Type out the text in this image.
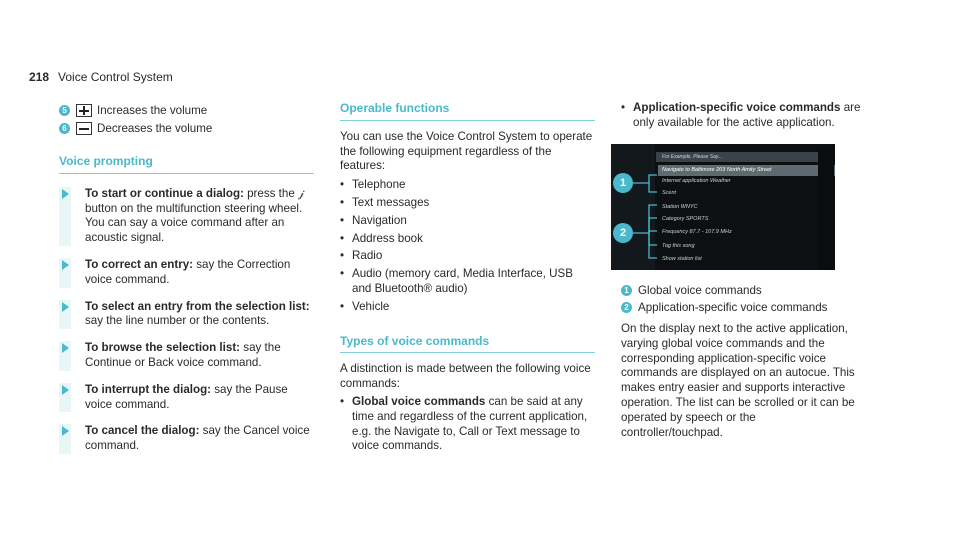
218 Voice Control System
5	Increases the volume
6	Decreases the volume
Voice prompting
To start or continue a dialog: press the 𝒿 button on the multifunction steering wheel.
You can say a voice command after an acoustic signal.
To correct an entry: say the Correction voice command.
To select an entry from the selection list: say the line number or the contents.
To browse the selection list: say the Continue or Back voice command.
To interrupt the dialog: say the Pause voice command.
To cancel the dialog: say the Cancel voice command.
Operable functions
You can use the Voice Control System to operate the following equipment regardless of the features:
• Telephone
• Text messages
• Navigation
• Address book
• Radio
• Audio (memory card, Media Interface, USB and Bluetooth® audio)
• Vehicle
Types of voice commands
A distinction is made between the following voice commands:
• Global voice commands can be said at any time and regardless of the current application, e.g. the Navigate to, Call or Text message to voice commands.
• Application-specific voice commands are only available for the active application.
For Example, Please Say...
Navigate to Baltimore 203 North Amity Street
Internet application Weather
Scent
Station WNYC
Category SPORTS
Frequency 87.7 - 107.9 MHz
Tag this song
Show station list
1
2
1 Global voice commands
2 Application-specific voice commands
On the display next to the active application, varying global voice commands and the corresponding application-specific voice commands are displayed on an autocue. This makes entry easier and supports interactive operation. The list can be scrolled or it can be operated by speech or the controller/touchpad.
